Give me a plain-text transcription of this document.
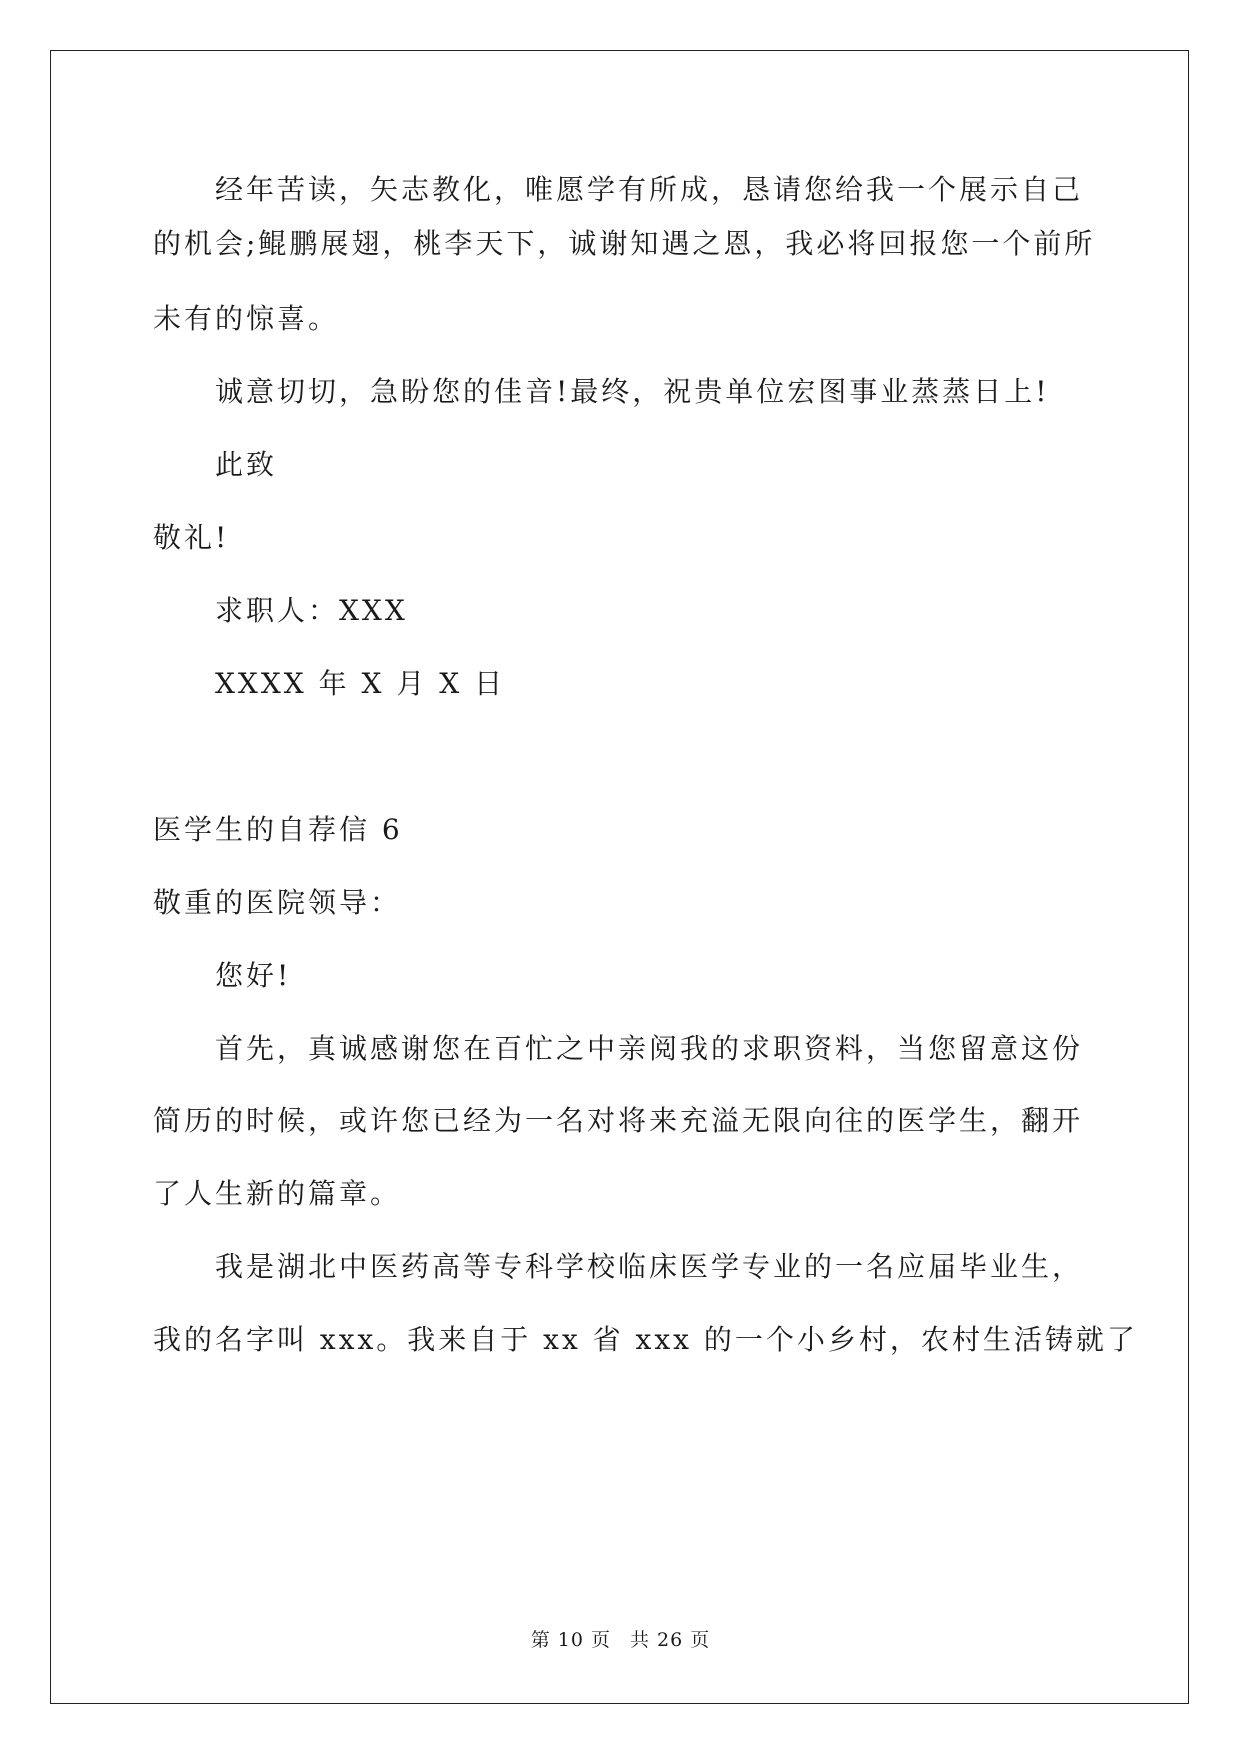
经年苦读，矢志教化，唯愿学有所成，恳请您给我一个展示自己
的机会;鲲鹏展翅，桃李天下，诚谢知遇之恩，我必将回报您一个前所
未有的惊喜。
诚意切切，急盼您的佳音!最终，祝贵单位宏图事业蒸蒸日上!
此致
敬礼!
求职人：XXX
XXXX 年 X 月 X 日
医学生的自荐信 6
敬重的医院领导：
您好!
首先，真诚感谢您在百忙之中亲阅我的求职资料，当您留意这份
简历的时候，或许您已经为一名对将来充溢无限向往的医学生，翻开
了人生新的篇章。
我是湖北中医药高等专科学校临床医学专业的一名应届毕业生，
我的名字叫 xxx。我来自于 xx 省 xxx 的一个小乡村，农村生活铸就了
第 10 页 共 26 页
